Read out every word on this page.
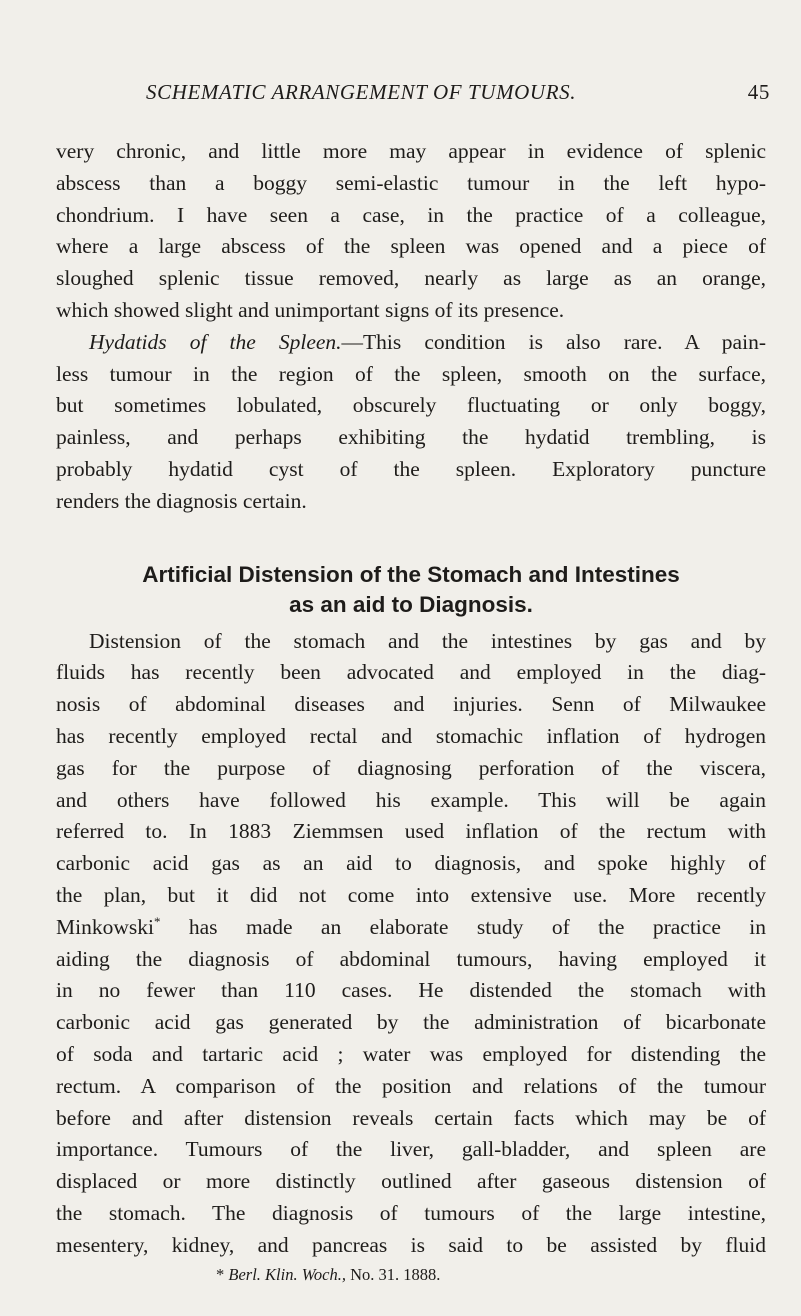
SCHEMATIC ARRANGEMENT OF TUMOURS.	45
very chronic, and little more may appear in evidence of splenic
abscess than a boggy semi-elastic tumour in the left hypo-
chondrium. I have seen a case, in the practice of a colleague,
where a large abscess of the spleen was opened and a piece of
sloughed splenic tissue removed, nearly as large as an orange,
which showed slight and unimportant signs of its presence.
Hydatids of the Spleen.—This condition is also rare. A pain-
less tumour in the region of the spleen, smooth on the surface,
but sometimes lobulated, obscurely fluctuating or only boggy,
painless, and perhaps exhibiting the hydatid trembling, is
probably hydatid cyst of the spleen. Exploratory puncture
renders the diagnosis certain.
Artificial Distension of the Stomach and Intestines
as an aid to Diagnosis.
Distension of the stomach and the intestines by gas and by
fluids has recently been advocated and employed in the diag-
nosis of abdominal diseases and injuries. Senn of Milwaukee
has recently employed rectal and stomachic inflation of hydrogen
gas for the purpose of diagnosing perforation of the viscera,
and others have followed his example. This will be again
referred to. In 1883 Ziemmsen used inflation of the rectum with
carbonic acid gas as an aid to diagnosis, and spoke highly of
the plan, but it did not come into extensive use. More recently
Minkowski* has made an elaborate study of the practice in
aiding the diagnosis of abdominal tumours, having employed it
in no fewer than 110 cases. He distended the stomach with
carbonic acid gas generated by the administration of bicarbonate
of soda and tartaric acid ; water was employed for distending the
rectum. A comparison of the position and relations of the tumour
before and after distension reveals certain facts which may be of
importance. Tumours of the liver, gall-bladder, and spleen are
displaced or more distinctly outlined after gaseous distension of
the stomach. The diagnosis of tumours of the large intestine,
mesentery, kidney, and pancreas is said to be assisted by fluid
* Berl. Klin. Woch., No. 31. 1888.
